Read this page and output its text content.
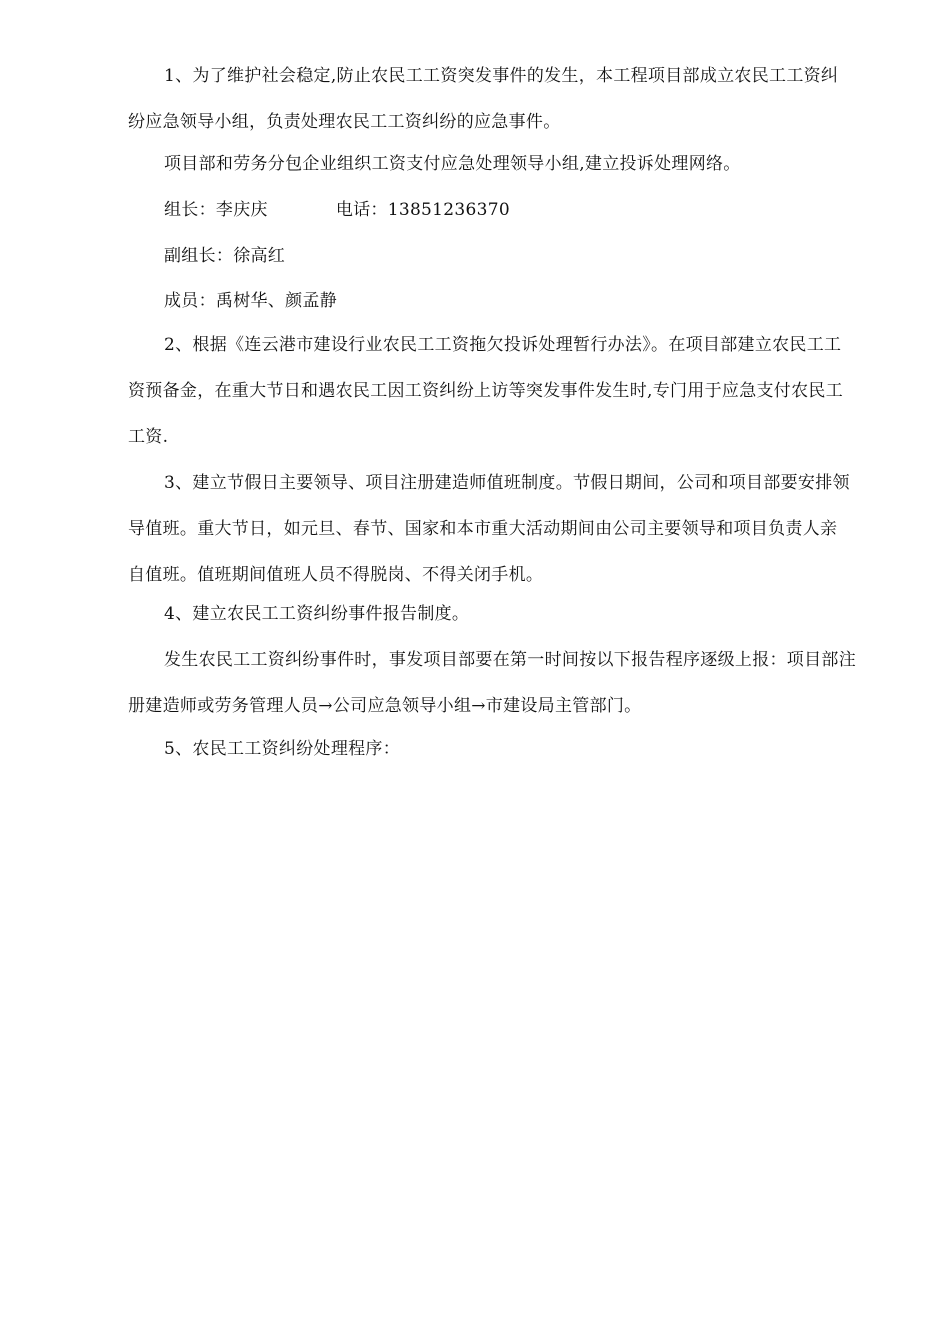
1、为了维护社会稳定,防止农民工工资突发事件的发生，本工程项目部成立农民工工资纠纷应急领导小组，负责处理农民工工资纠纷的应急事件。
项目部和劳务分包企业组织工资支付应急处理领导小组,建立投诉处理网络。
组长：李庆庆	电话：13851236370
副组长：徐高红
成员：禹树华、颜孟静
2、根据《连云港市建设行业农民工工资拖欠投诉处理暂行办法》。在项目部建立农民工工资预备金，在重大节日和遇农民工因工资纠纷上访等突发事件发生时,专门用于应急支付农民工工资.
3、建立节假日主要领导、项目注册建造师值班制度。节假日期间，公司和项目部要安排领导值班。重大节日，如元旦、春节、国家和本市重大活动期间由公司主要领导和项目负责人亲自值班。值班期间值班人员不得脱岗、不得关闭手机。
4、建立农民工工资纠纷事件报告制度。
发生农民工工资纠纷事件时，事发项目部要在第一时间按以下报告程序逐级上报：项目部注册建造师或劳务管理人员→公司应急领导小组→市建设局主管部门。
5、农民工工资纠纷处理程序：
